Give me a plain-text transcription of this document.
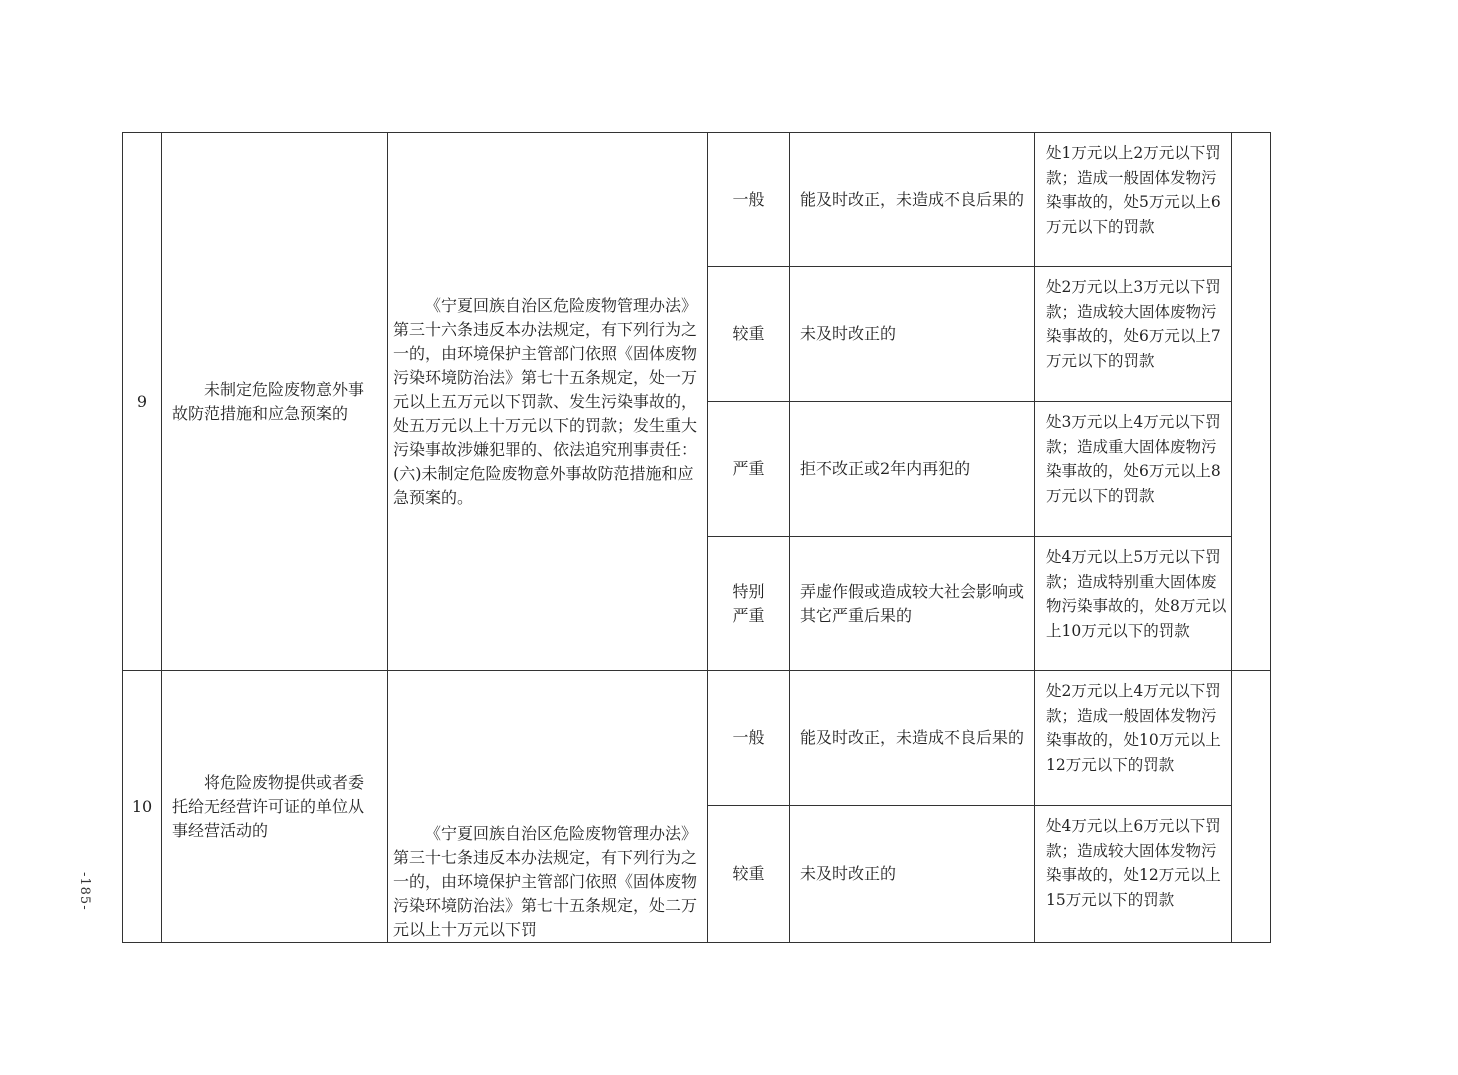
-185-
9	未制定危险废物意外事故防范措施和应急预案的	《宁夏回族自治区危险废物管理办法》第三十六条违反本办法规定，有下列行为之一的，由环境保护主管部门依照《固体废物污染环境防治法》第七十五条规定，处一万元以上五万元以下罚款、发生污染事故的，处五万元以上十万元以下的罚款；发生重大污染事故涉嫌犯罪的、依法追究刑事责任：(六)未制定危险废物意外事故防范措施和应急预案的。	一般	能及时改正，未造成不良后果的	处1万元以上2万元以下罚款；造成一般固体发物污染事故的，处5万元以上6万元以下的罚款	

			较重	未及时改正的	处2万元以上3万元以下罚款；造成较大固体废物污染事故的，处6万元以上7万元以下的罚款	

			严重	拒不改正或2年内再犯的	处3万元以上4万元以下罚款；造成重大固体废物污染事故的，处6万元以上8万元以下的罚款	

			特别严重	弄虚作假或造成较大社会影响或其它严重后果的	处4万元以上5万元以下罚款；造成特别重大固体废物污染事故的，处8万元以上10万元以下的罚款	

10	将危险废物提供或者委托给无经营许可证的单位从事经营活动的	《宁夏回族自治区危险废物管理办法》第三十七条违反本办法规定，有下列行为之一的，由环境保护主管部门依照《固体废物污染环境防治法》第七十五条规定，处二万元以上十万元以下罚	一般	能及时改正，未造成不良后果的	处2万元以上4万元以下罚款；造成一般固体发物污染事故的，处10万元以上12万元以下的罚款	

			较重	未及时改正的	处4万元以上6万元以下罚款；造成较大固体发物污染事故的，处12万元以上15万元以下的罚款	
